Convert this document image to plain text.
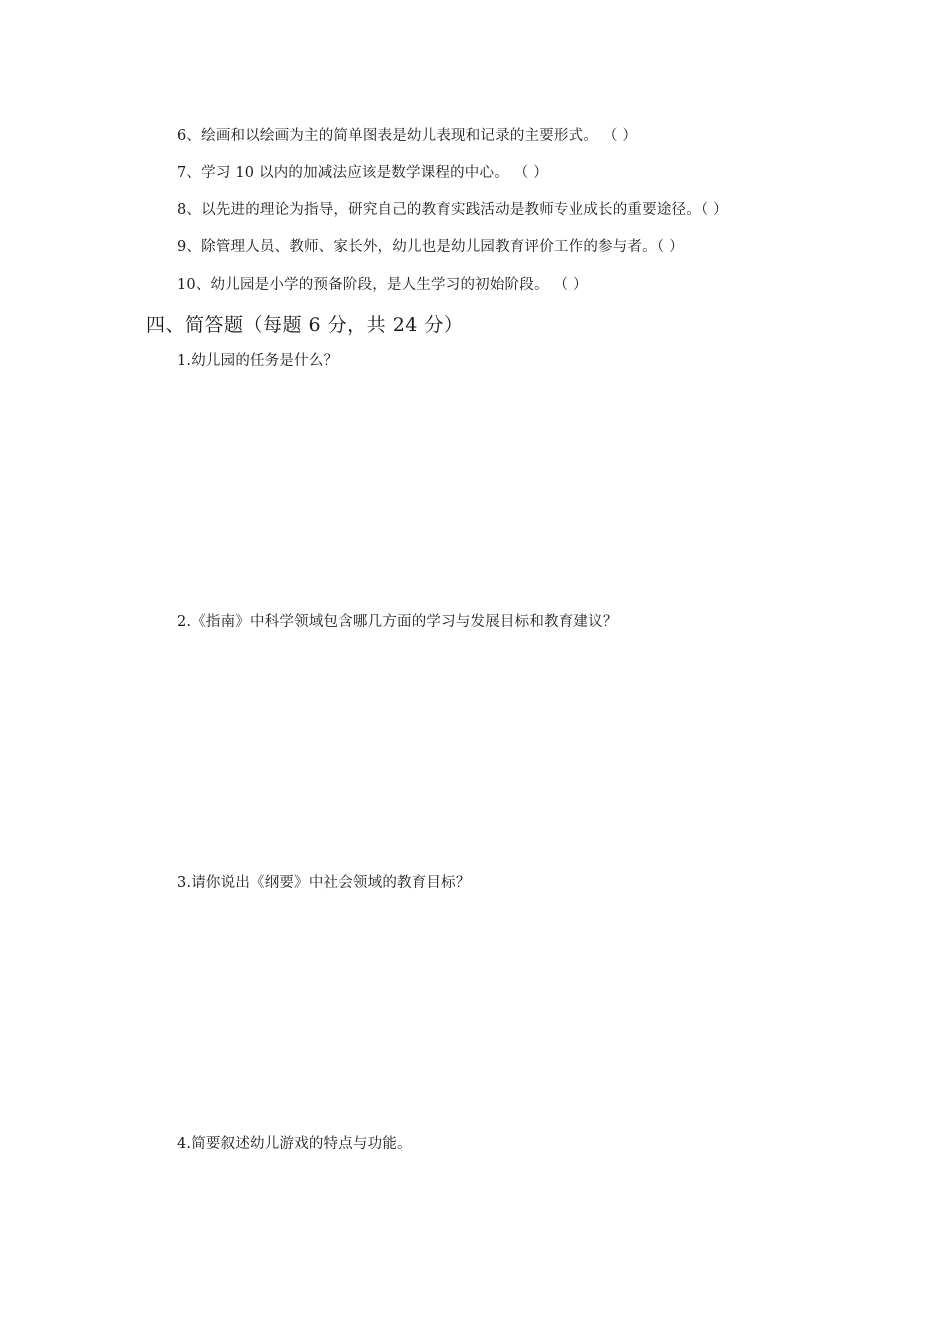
6、绘画和以绘画为主的简单图表是幼儿表现和记录的主要形式。 （ ）
7、学习 10 以内的加减法应该是数学课程的中心。 （ ）
8、以先进的理论为指导，研究自己的教育实践活动是教师专业成长的重要途径。（ ）
9、除管理人员、教师、家长外，幼儿也是幼儿园教育评价工作的参与者。（ ）
10、幼儿园是小学的预备阶段，是人生学习的初始阶段。 （ ）
四、简答题（每题 6 分，共 24 分）
1.幼儿园的任务是什么？
2.《指南》中科学领域包含哪几方面的学习与发展目标和教育建议？
3.请你说出《纲要》中社会领域的教育目标？
4.简要叙述幼儿游戏的特点与功能。
